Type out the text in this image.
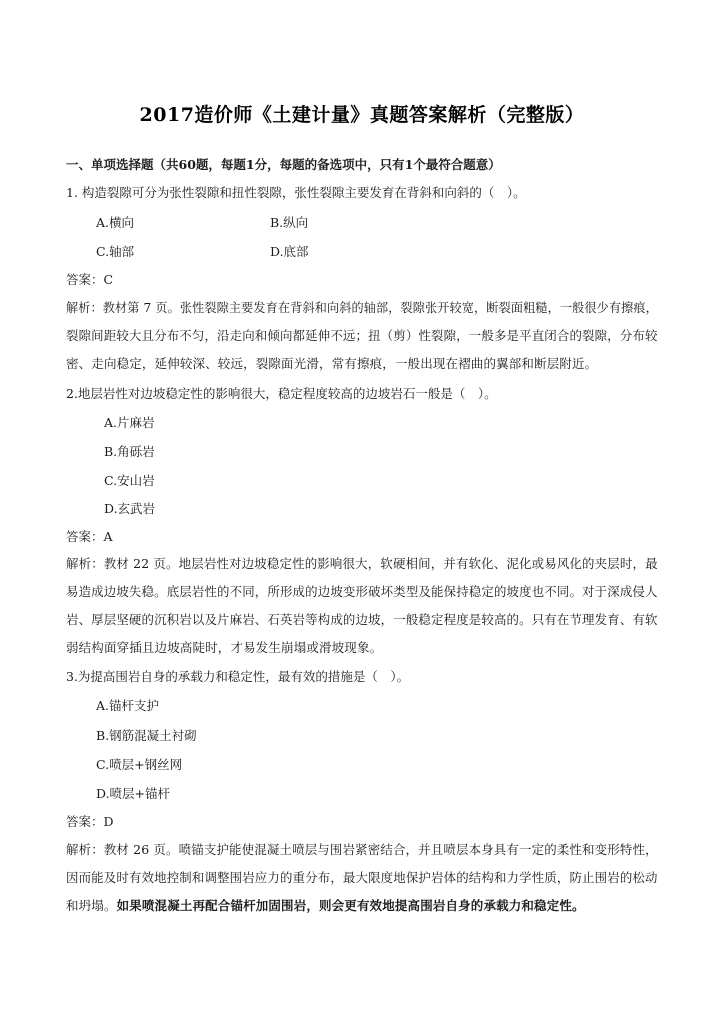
2017造价师《土建计量》真题答案解析（完整版）
一、单项选择题（共60题，每题1分，每题的备选项中，只有1个最符合题意）
1. 构造裂隙可分为张性裂隙和扭性裂隙，张性裂隙主要发育在背斜和向斜的（　）。
A.横向	B.纵向
C.轴部	D.底部
答案：C
解析：教材第 7 页。张性裂隙主要发育在背斜和向斜的轴部，裂隙张开较宽，断裂面粗糙，一般很少有擦痕，
裂隙间距较大且分布不匀，沿走向和倾向都延伸不远；扭（剪）性裂隙，一般多是平直闭合的裂隙，分布较
密、走向稳定，延伸较深、较远，裂隙面光滑，常有擦痕，一般出现在褶曲的翼部和断层附近。
2.地层岩性对边坡稳定性的影响很大，稳定程度较高的边坡岩石一般是（　）。
A.片麻岩
B.角砾岩
C.安山岩
D.玄武岩
答案：A
解析：教材 22 页。地层岩性对边坡稳定性的影响很大，软硬相间，并有软化、泥化或易风化的夹层时，最
易造成边坡失稳。底层岩性的不同，所形成的边坡变形破坏类型及能保持稳定的坡度也不同。对于深成侵人
岩、厚层坚硬的沉积岩以及片麻岩、石英岩等构成的边坡，一般稳定程度是较高的。只有在节理发育、有软
弱结构面穿插且边坡高陡时，才易发生崩塌或滑坡现象。
3.为提高围岩自身的承载力和稳定性，最有效的措施是（　）。
A.锚杆支护
B.钢筋混凝土衬砌
C.喷层+钢丝网
D.喷层+锚杆
答案：D
解析：教材 26 页。喷锚支护能使混凝土喷层与围岩紧密结合，并且喷层本身具有一定的柔性和变形特性，
因而能及时有效地控制和调整围岩应力的重分布，最大限度地保护岩体的结构和力学性质，防止围岩的松动
和坍塌。如果喷混凝土再配合锚杆加固围岩，则会更有效地提高围岩自身的承载力和稳定性。
